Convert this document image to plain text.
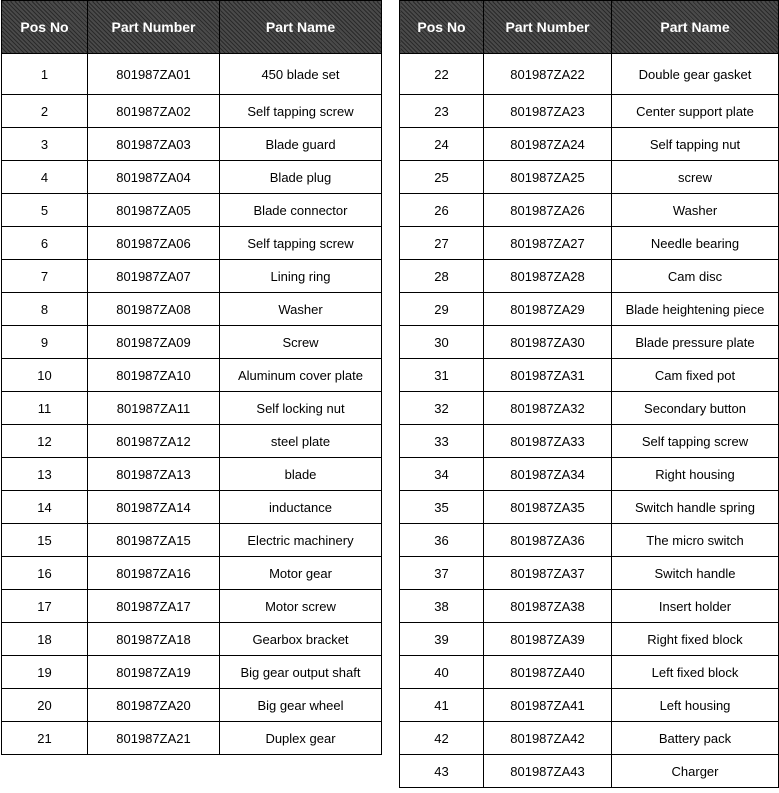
Pos No	Part Number	Part Name
1	801987ZA01	450 blade set
2	801987ZA02	Self tapping screw
3	801987ZA03	Blade guard
4	801987ZA04	Blade plug
5	801987ZA05	Blade connector
6	801987ZA06	Self tapping screw
7	801987ZA07	Lining ring
8	801987ZA08	Washer
9	801987ZA09	Screw
10	801987ZA10	Aluminum cover plate
11	801987ZA11	Self locking nut
12	801987ZA12	steel plate
13	801987ZA13	blade
14	801987ZA14	inductance
15	801987ZA15	Electric machinery
16	801987ZA16	Motor gear
17	801987ZA17	Motor screw
18	801987ZA18	Gearbox bracket
19	801987ZA19	Big gear output shaft
20	801987ZA20	Big gear wheel
21	801987ZA21	Duplex gear
Pos No	Part Number	Part Name
22	801987ZA22	Double gear gasket
23	801987ZA23	Center support plate
24	801987ZA24	Self tapping nut
25	801987ZA25	screw
26	801987ZA26	Washer
27	801987ZA27	Needle bearing
28	801987ZA28	Cam disc
29	801987ZA29	Blade heightening piece
30	801987ZA30	Blade pressure plate
31	801987ZA31	Cam fixed pot
32	801987ZA32	Secondary button
33	801987ZA33	Self tapping screw
34	801987ZA34	Right housing
35	801987ZA35	Switch handle spring
36	801987ZA36	The micro switch
37	801987ZA37	Switch handle
38	801987ZA38	Insert holder
39	801987ZA39	Right fixed block
40	801987ZA40	Left fixed block
41	801987ZA41	Left housing
42	801987ZA42	Battery pack
43	801987ZA43	Charger
